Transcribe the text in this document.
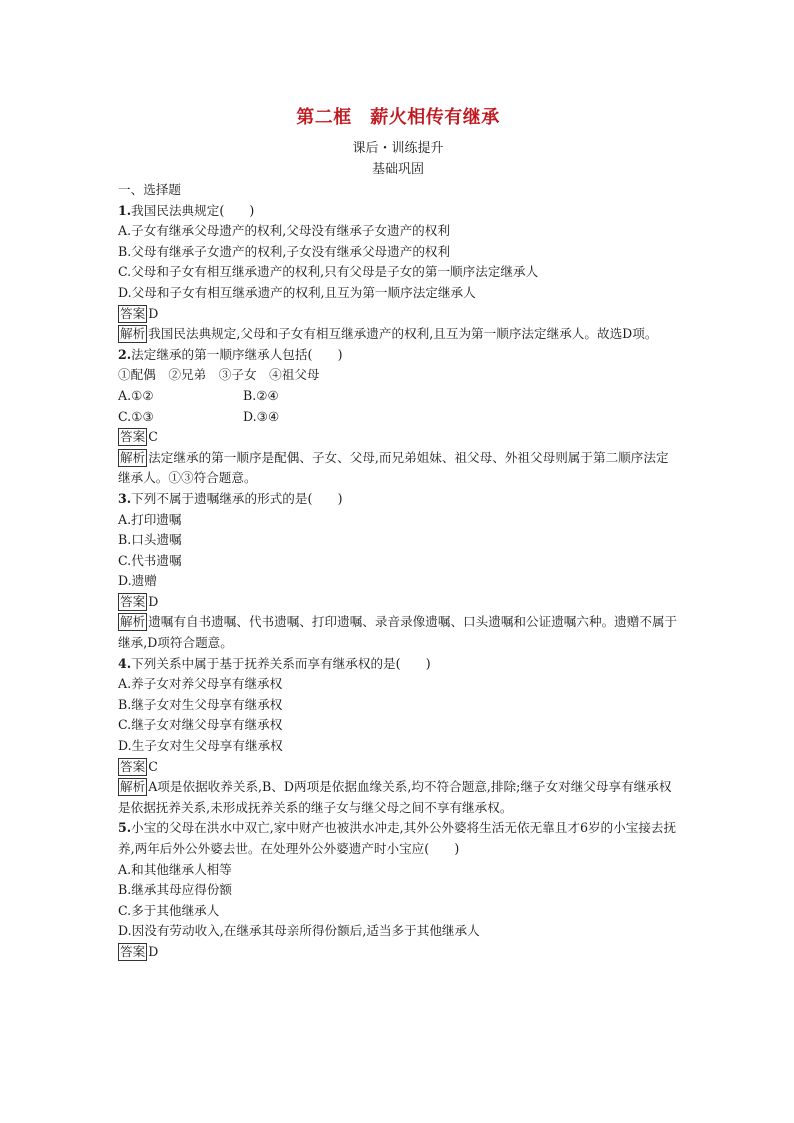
第二框　薪火相传有继承
课后・训练提升
基础巩固
一、选择题
1.我国民法典规定(　　)
A.子女有继承父母遗产的权利,父母没有继承子女遗产的权利
B.父母有继承子女遗产的权利,子女没有继承父母遗产的权利
C.父母和子女有相互继承遗产的权利,只有父母是子女的第一顺序法定继承人
D.父母和子女有相互继承遗产的权利,且互为第一顺序法定继承人
答案 D
解析 我国民法典规定,父母和子女有相互继承遗产的权利,且互为第一顺序法定继承人。故选D项。
2.法定继承的第一顺序继承人包括(　　)
①配偶　②兄弟　③子女　④祖父母
A.①②	B.②④
C.①③	D.③④
答案 C
解析 法定继承的第一顺序是配偶、子女、父母,而兄弟姐妹、祖父母、外祖父母则属于第二顺序法定继承人。①③符合题意。
3.下列不属于遗嘱继承的形式的是(　　)
A.打印遗嘱
B.口头遗嘱
C.代书遗嘱
D.遗赠
答案 D
解析 遗嘱有自书遗嘱、代书遗嘱、打印遗嘱、录音录像遗嘱、口头遗嘱和公证遗嘱六种。遗赠不属于继承,D项符合题意。
4.下列关系中属于基于抚养关系而享有继承权的是(　　)
A.养子女对养父母享有继承权
B.继子女对生父母享有继承权
C.继子女对继父母享有继承权
D.生子女对生父母享有继承权
答案 C
解析 A项是依据收养关系,B、D两项是依据血缘关系,均不符合题意,排除;继子女对继父母享有继承权是依据抚养关系,未形成抚养关系的继子女与继父母之间不享有继承权。
5.小宝的父母在洪水中双亡,家中财产也被洪水冲走,其外公外婆将生活无依无靠且才6岁的小宝接去抚养,两年后外公外婆去世。在处理外公外婆遗产时小宝应(　　)
A.和其他继承人相等
B.继承其母应得份额
C.多于其他继承人
D.因没有劳动收入,在继承其母亲所得份额后,适当多于其他继承人
答案 D
